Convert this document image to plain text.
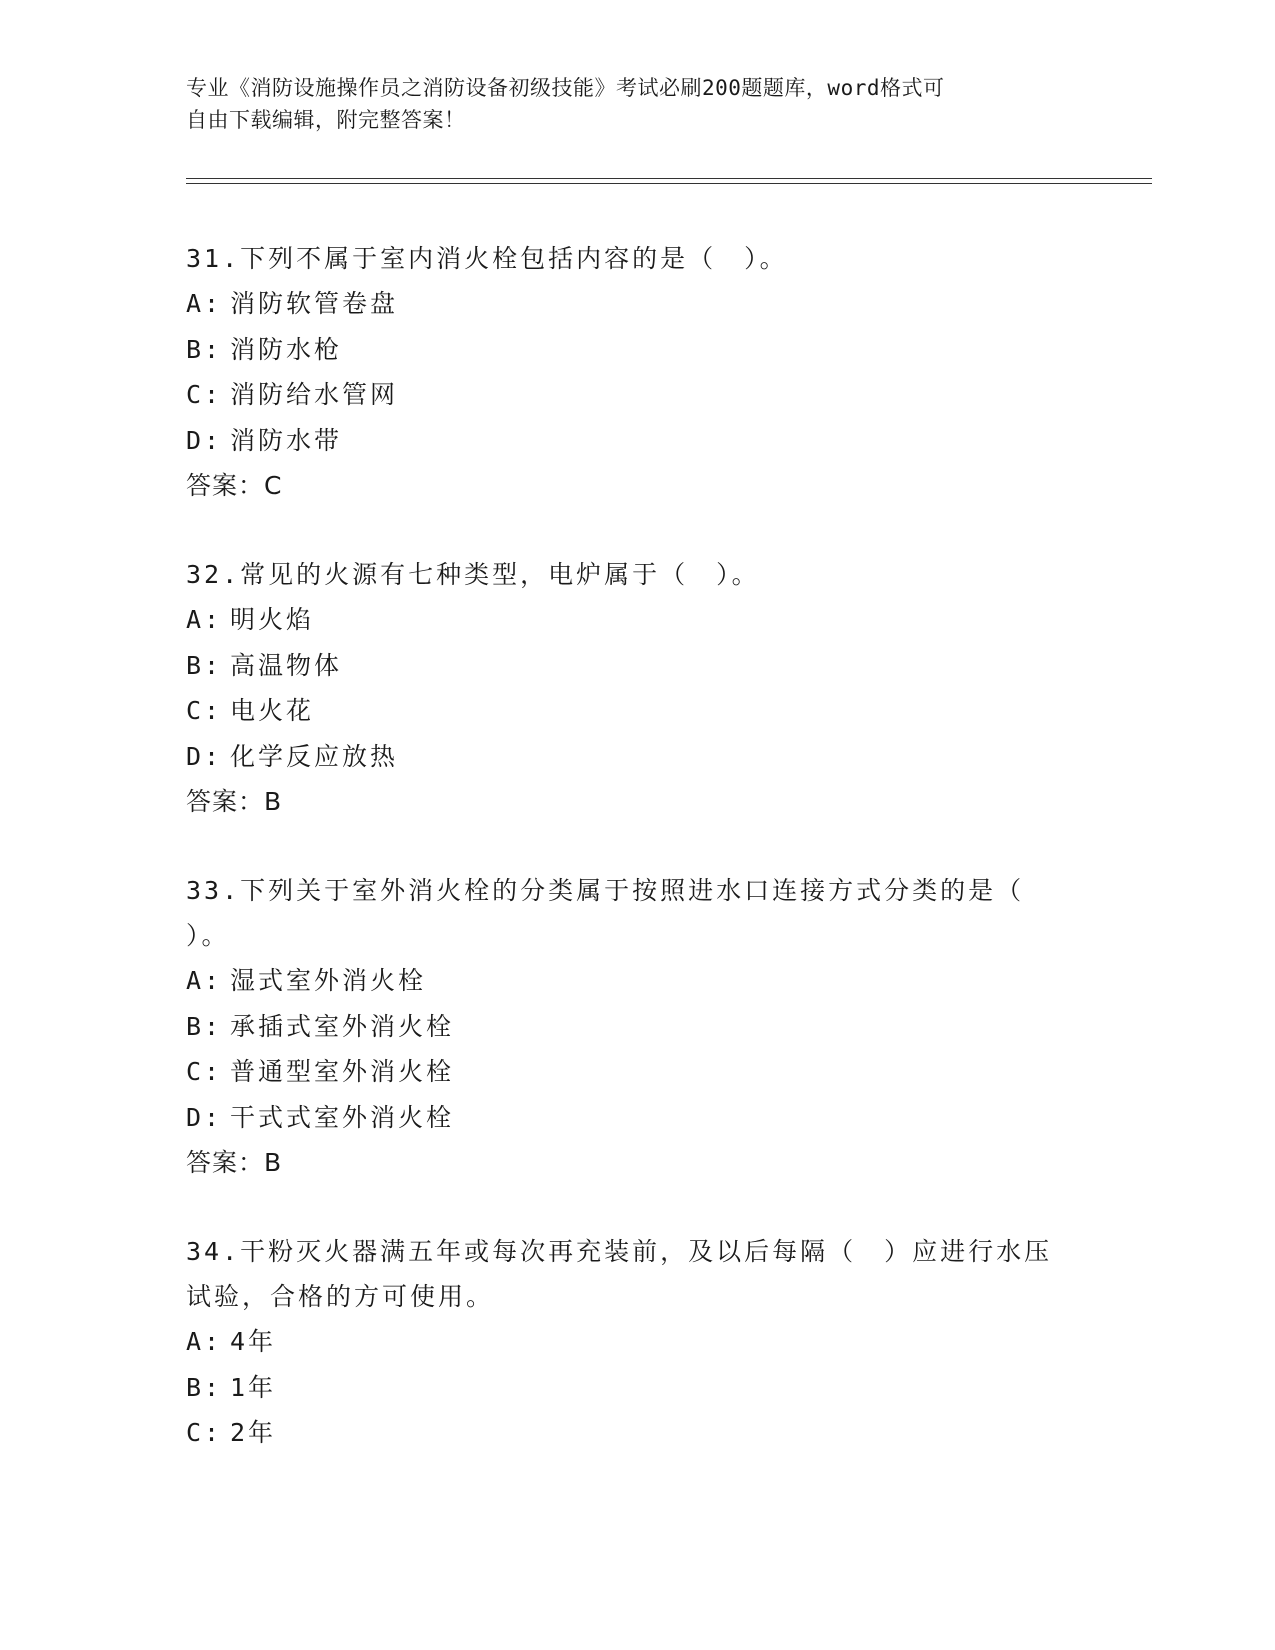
专业《消防设施操作员之消防设备初级技能》考试必刷200题题库，word格式可
自由下载编辑，附完整答案！
31.下列不属于室内消火栓包括内容的是（　）。
A: 消防软管卷盘
B: 消防水枪
C: 消防给水管网
D: 消防水带
答案：C
32.常见的火源有七种类型，电炉属于（　）。
A: 明火焰
B: 高温物体
C: 电火花
D: 化学反应放热
答案：B
33.下列关于室外消火栓的分类属于按照进水口连接方式分类的是（
）。
A: 湿式室外消火栓
B: 承插式室外消火栓
C: 普通型室外消火栓
D: 干式式室外消火栓
答案：B
34.干粉灭火器满五年或每次再充装前，及以后每隔（　）应进行水压
试验，合格的方可使用。
A: 4年
B: 1年
C: 2年
